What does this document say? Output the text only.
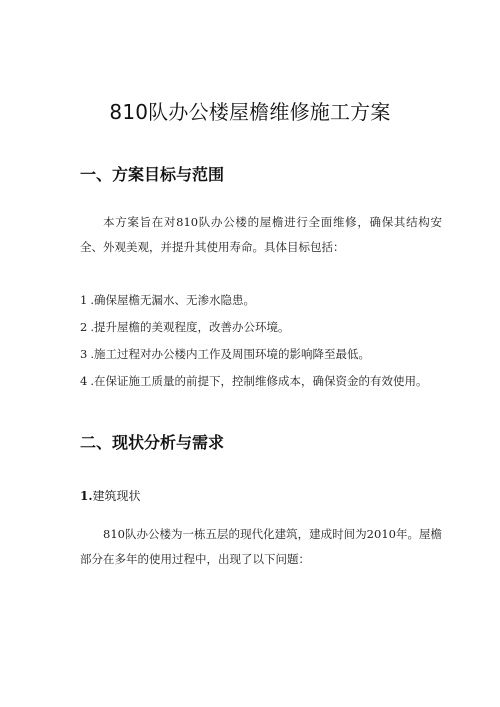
810队办公楼屋檐维修施工方案
一、方案目标与范围

本方案旨在对810队办公楼的屋檐进行全面维修，确保其结构安全、外观美观，并提升其使用寿命。具体目标包括：

1 .确保屋檐无漏水、无渗水隐患。
2 .提升屋檐的美观程度，改善办公环境。
3 .施工过程对办公楼内工作及周围环境的影响降至最低。
4 .在保证施工质量的前提下，控制维修成本，确保资金的有效使用。
二、现状分析与需求
1.建筑现状

810队办公楼为一栋五层的现代化建筑，建成时间为2010年。屋檐部分在多年的使用过程中，出现了以下问题：
